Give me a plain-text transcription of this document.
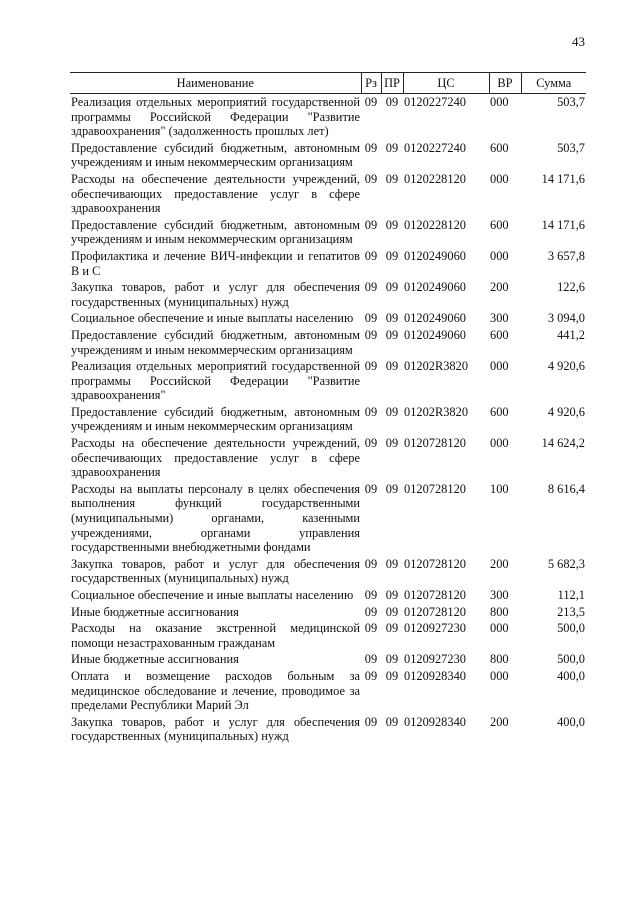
43
Наименование	Рз	ПР	ЦС	ВР	Сумма
Реализация отдельных мероприятий государственной программы Российской Федерации "Развитие здравоохранения" (задолженность прошлых лет)	09	09	0120227240	000	503,7
Предоставление субсидий бюджетным, автономным учреждениям и иным некоммерческим организациям	09	09	0120227240	600	503,7
Расходы на обеспечение деятельности учреждений, обеспечивающих предоставление услуг в сфере здравоохранения	09	09	0120228120	000	14 171,6
Предоставление субсидий бюджетным, автономным учреждениям и иным некоммерческим организациям	09	09	0120228120	600	14 171,6
Профилактика и лечение ВИЧ-инфекции и гепатитов В и С	09	09	0120249060	000	3 657,8
Закупка товаров, работ и услуг для обеспечения государственных (муниципальных) нужд	09	09	0120249060	200	122,6
Социальное обеспечение и иные выплаты населению	09	09	0120249060	300	3 094,0
Предоставление субсидий бюджетным, автономным учреждениям и иным некоммерческим организациям	09	09	0120249060	600	441,2
Реализация отдельных мероприятий государственной программы Российской Федерации "Развитие здравоохранения"	09	09	01202R3820	000	4 920,6
Предоставление субсидий бюджетным, автономным учреждениям и иным некоммерческим организациям	09	09	01202R3820	600	4 920,6
Расходы на обеспечение деятельности учреждений, обеспечивающих предоставление услуг в сфере здравоохранения	09	09	0120728120	000	14 624,2
Расходы на выплаты персоналу в целях обеспечения выполнения функций государственными (муниципальными) органами, казенными учреждениями, органами управления государственными внебюджетными фондами	09	09	0120728120	100	8 616,4
Закупка товаров, работ и услуг для обеспечения государственных (муниципальных) нужд	09	09	0120728120	200	5 682,3
Социальное обеспечение и иные выплаты населению	09	09	0120728120	300	112,1
Иные бюджетные ассигнования	09	09	0120728120	800	213,5
Расходы на оказание экстренной медицинской помощи незастрахованным гражданам	09	09	0120927230	000	500,0
Иные бюджетные ассигнования	09	09	0120927230	800	500,0
Оплата и возмещение расходов больным за медицинское обследование и лечение, проводимое за пределами Республики Марий Эл	09	09	0120928340	000	400,0
Закупка товаров, работ и услуг для обеспечения государственных (муниципальных) нужд	09	09	0120928340	200	400,0
